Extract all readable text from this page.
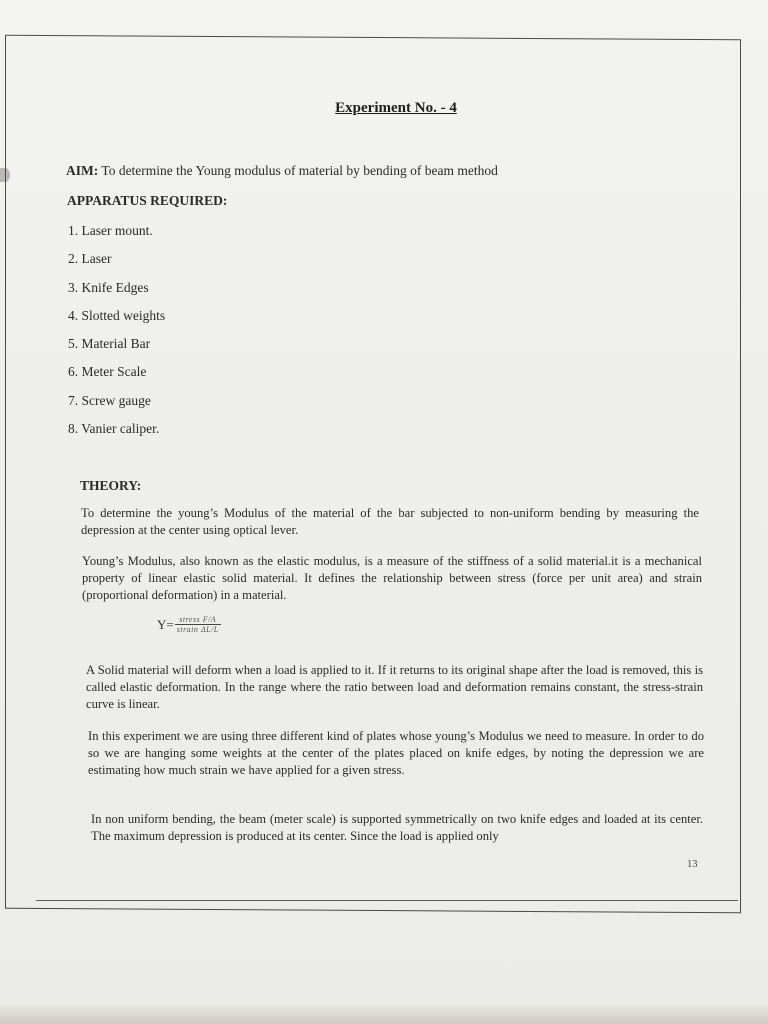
Experiment No. - 4
AIM: To determine the Young modulus of material by bending of beam method
APPARATUS REQUIRED:
1. Laser mount.
2. Laser
3. Knife Edges
4. Slotted weights
5. Material Bar
6. Meter Scale
7. Screw gauge
8. Vanier caliper.
THEORY:

To determine the young’s Modulus of the material of the bar subjected to non-uniform bending by measuring the depression at the center using optical lever.

Young’s Modulus, also known as the elastic modulus, is a measure of the stiffness of a solid material.it is a mechanical property of linear elastic solid material. It defines the relationship between stress (force per unit area) and strain (proportional deformation) in a material.

$Y= \frac{\text{stress F/A}}{\text{strain ΔL/L}}$

A Solid material will deform when a load is applied to it. If it returns to its original shape after the load is removed, this is called elastic deformation. In the range where the ratio between load and deformation remains constant, the stress-strain curve is linear.

In this experiment we are using three different kind of plates whose young’s Modulus we need to measure. In order to do so we are hanging some weights at the center of the plates placed on knife edges, by noting the depression we are estimating how much strain we have applied for a given stress.

In non uniform bending, the beam (meter scale) is supported symmetrically on two knife edges and loaded at its center. The maximum depression is produced at its center. Since the load is applied only

13
